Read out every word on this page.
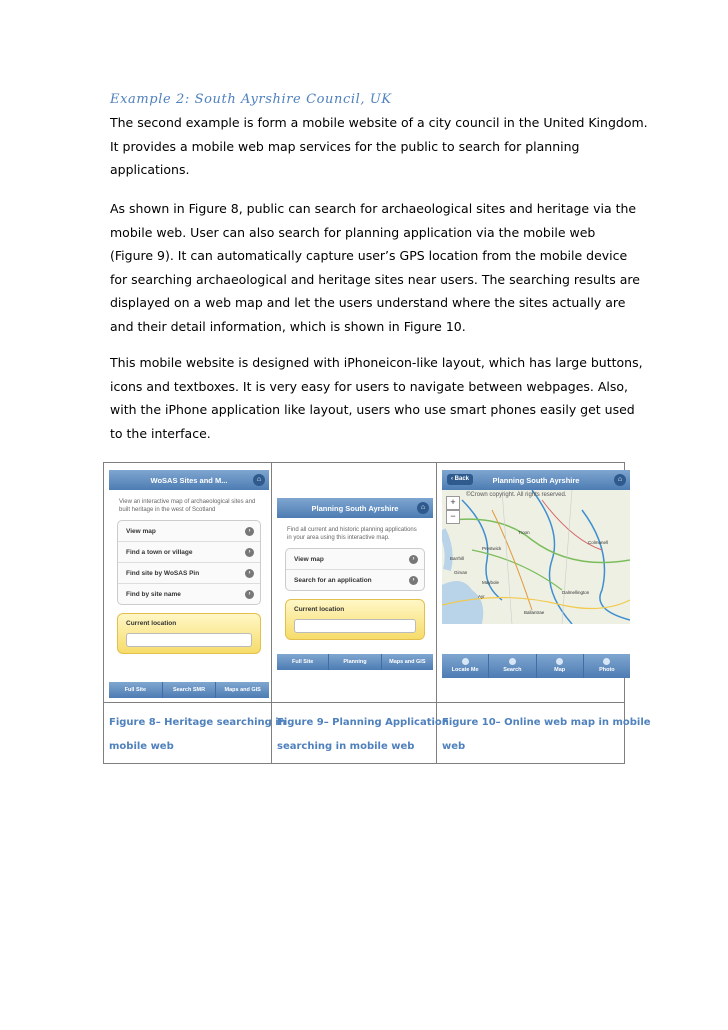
Example 2: South Ayrshire Council, UK
The second example is form a mobile website of a city council in the United Kingdom.
It provides a mobile web map services for the public to search for planning
applications.
As shown in Figure 8, public can search for archaeological sites and heritage via the
mobile web. User can also search for planning application via the mobile web
(Figure 9). It can automatically capture user’s GPS location from the mobile device
for searching archaeological and heritage sites near users. The searching results are
displayed on a web map and let the users understand where the sites actually are
and their detail information, which is shown in Figure 10.
This mobile website is designed with iPhoneicon-like layout, which has large buttons,
icons and textboxes. It is very easy for users to navigate between webpages. Also,
with the iPhone application like layout, users who use smart phones easily get used
to the interface.
WoSAS Sites and M...	⌂
View an interactive map of archaeological sites and built heritage in the west of Scotland
View map	›
Find a town or village	›
Find site by WoSAS Pin	›
Find by site name	›
Current location
Full Site	Search SMR	Maps and GIS
Planning South Ayrshire	⌂
Find all current and historic planning applications in your area using this interactive map.
View map	›
Search for an application	›
Current location
Full Site	Planning	Maps and GIS
‹ Back	Planning South Ayrshire	⌂
©Crown copyright. All rights reserved.
+
−
Barrhill
Girvan
Maybole
Troon
Ayr
Dalmellington
Prestwick
Colmonell
Ballantrae
Locate Me	Search	Map	Photo
Figure 8– Heritage searching in
mobile web
Figure 9– Planning Application
searching in mobile web
Figure 10– Online web map in mobile
web
